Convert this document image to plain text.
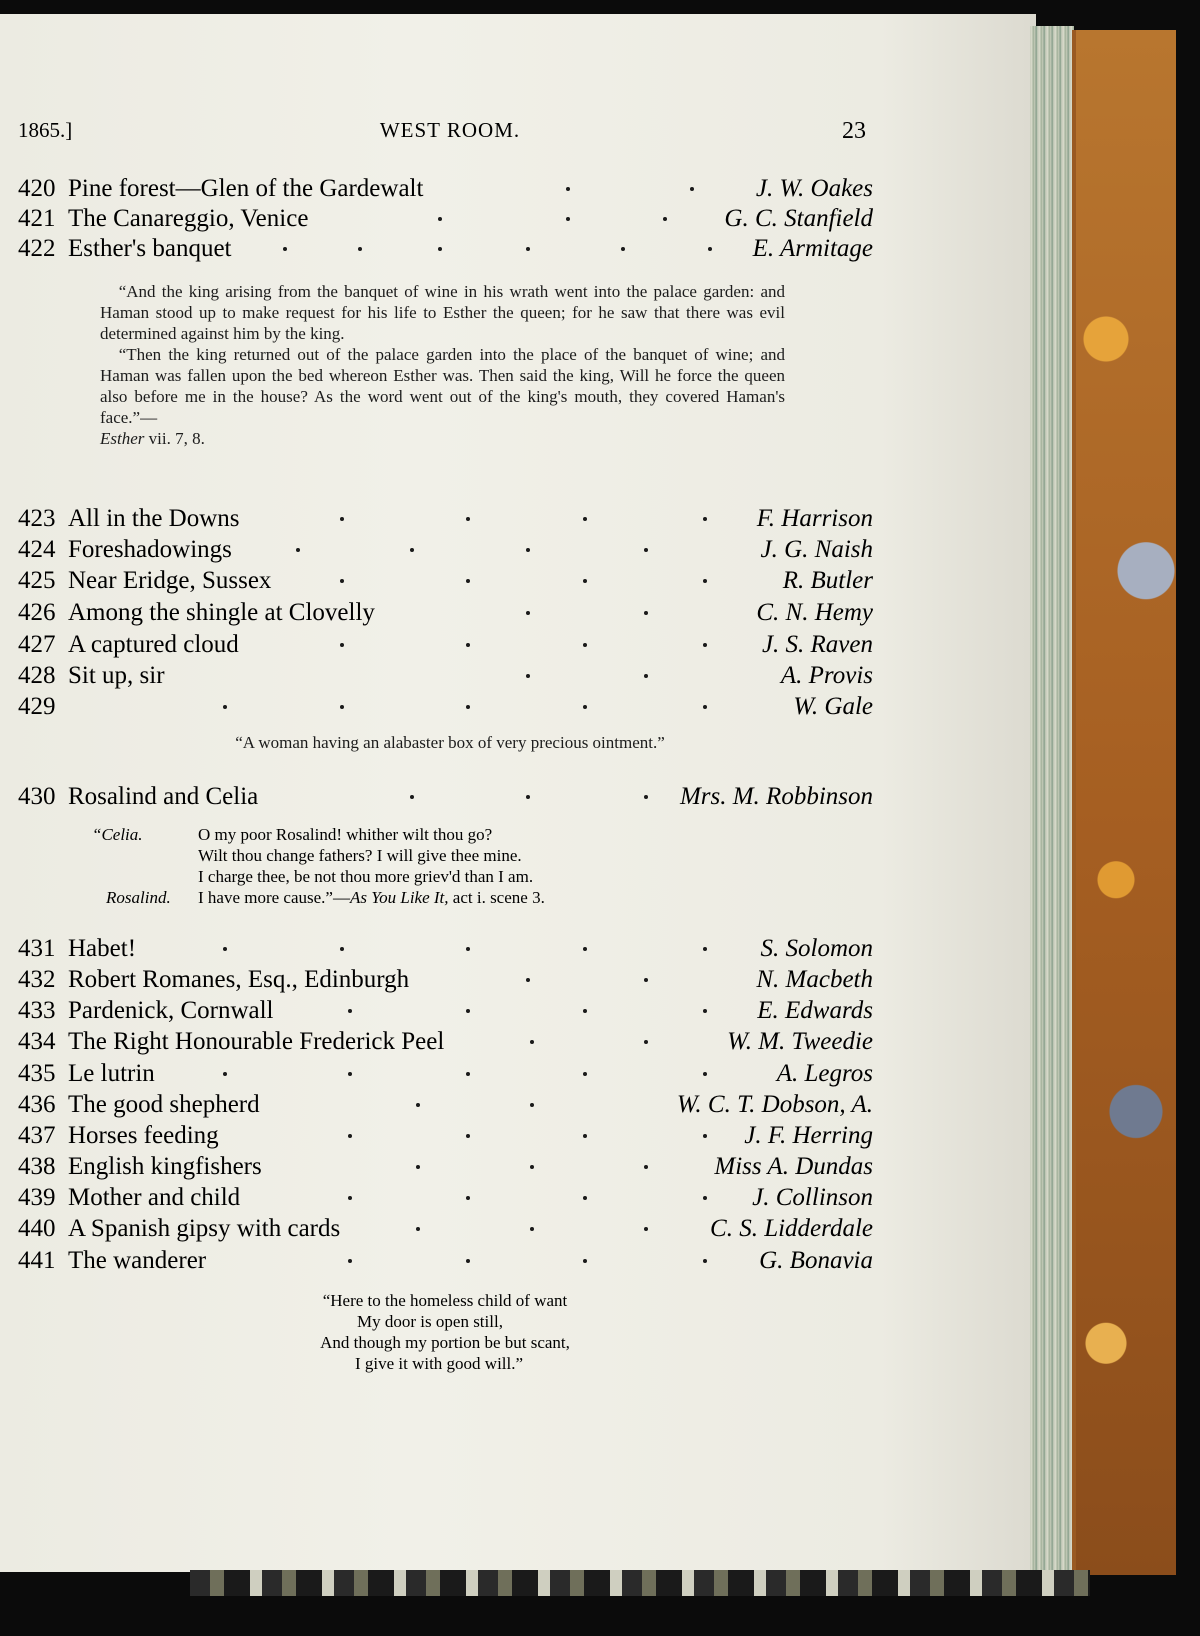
1865.]	WEST ROOM.	23
420 Pine forest—Glen of the Gardewalt	J. W. Oakes
421 The Canareggio, Venice	G. C. Stanfield
422 Esther's banquet	E. Armitage

“And the king arising from the banquet of wine in his wrath went into the palace garden: and Haman stood up to make request for his life to Esther the queen; for he saw that there was evil determined against him by the king.

“Then the king returned out of the palace garden into the place of the banquet of wine; and Haman was fallen upon the bed whereon Esther was. Then said the king, Will he force the queen also before me in the house? As the word went out of the king's mouth, they covered Haman's face.”—

Esther vii. 7, 8.

423 All in the Downs	F. Harrison
424 Foreshadowings	J. G. Naish
425 Near Eridge, Sussex	R. Butler
426 Among the shingle at Clovelly	C. N. Hemy
427 A captured cloud	J. S. Raven
428 Sit up, sir	A. Provis
429	W. Gale
“A woman having an alabaster box of very precious ointment.”
430 Rosalind and Celia	Mrs. M. Robbinson
“Celia.	O my poor Rosalind! whither wilt thou go?
Wilt thou change fathers? I will give thee mine.
I charge thee, be not thou more griev'd than I am.
Rosalind. I have more cause.”—As You Like It, act i. scene 3.
431 Habet!	S. Solomon
432 Robert Romanes, Esq., Edinburgh	N. Macbeth
433 Pardenick, Cornwall	E. Edwards
434 The Right Honourable Frederick Peel	W. M. Tweedie
435 Le lutrin	A. Legros
436 The good shepherd	W. C. T. Dobson, A.
437 Horses feeding	J. F. Herring
438 English kingfishers	Miss A. Dundas
439 Mother and child	J. Collinson
440 A Spanish gipsy with cards	C. S. Lidderdale
441 The wanderer	G. Bonavia
“Here to the homeless child of want
My door is open still,
And though my portion be but scant,
I give it with good will.”
